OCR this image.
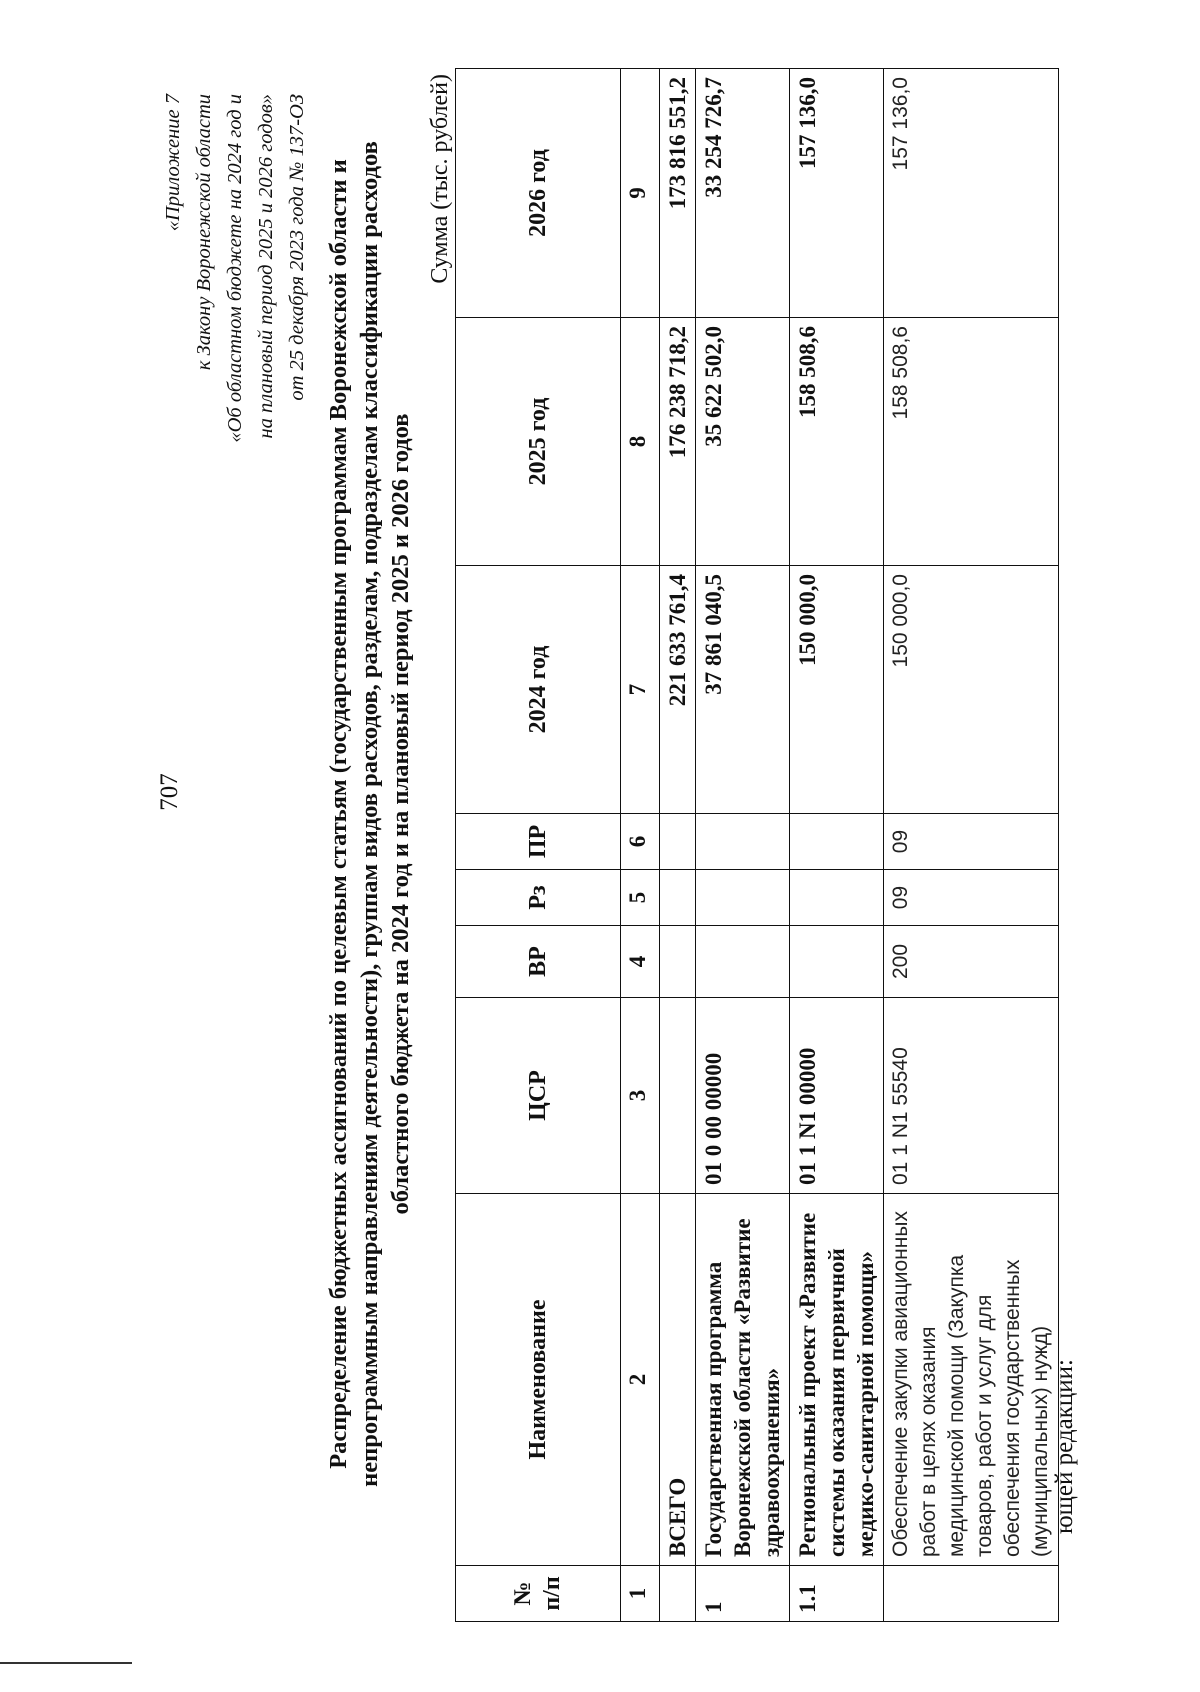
707
ющей редакции:
«Приложение 7 к Закону Воронежской области «Об областном бюджете на 2024 год и на плановый период 2025 и 2026 годов» от 25 декабря 2023 года № 137-ОЗ Распределение бюджетных ассигнований по целевым статьям (государственным программам Воронежской области и непрограммным направлениям деятельности), группам видов расходов, разделам, подразделам классификации расходов областного бюджета на 2024 год и на плановый период 2025 и 2026 годов
Сумма (тыс. рублей)
№ п/п	Наименование	ЦСР	ВР	Рз	ПР	2024 год	2025 год	2026 год
1	2	3	4	5	6	7	8	9
	ВСЕГО					221 633 761,4	176 238 718,2	173 816 551,2
1	Государственная программа Воронежской области «Развитие здравоохранения»	01 0 00 00000				37 861 040,5	35 622 502,0	33 254 726,7
1.1	Региональный проект «Развитие системы оказания первичной медико-санитарной помощи»	01 1 N1 00000				150 000,0	158 508,6	157 136,0
	Обеспечение закупки авиационных работ в целях оказания медицинской помощи (Закупка товаров, работ и услуг для обеспечения государственных (муниципальных) нужд)	01 1 N1 55540	200	09	09	150 000,0	158 508,6	157 136,0
